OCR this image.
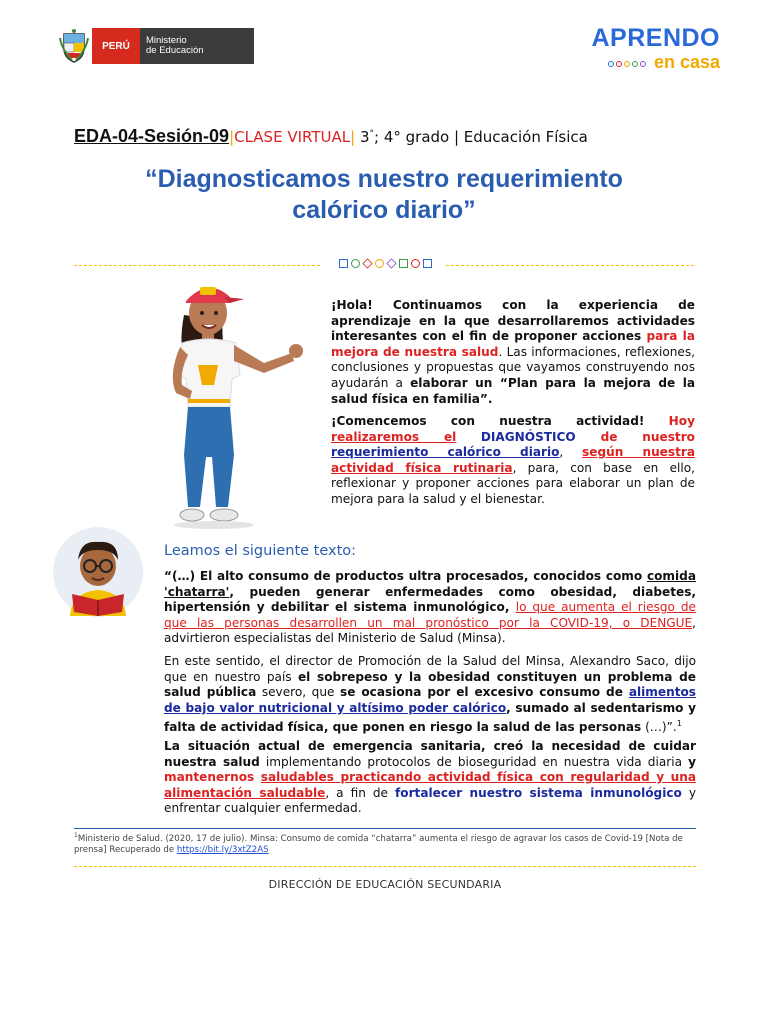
PERÚ Ministerio
de Educación	APRENDO
en casa
EDA-04-Sesión-09|CLASE VIRTUAL| 3°; 4° grado | Educación Física
“Diagnosticamos nuestro requerimiento
calórico diario”
¡Hola! Continuamos con la experiencia de aprendizaje en la que desarrollaremos actividades interesantes con el fin de proponer acciones para la mejora de nuestra salud. Las informaciones, reflexiones, conclusiones y propuestas que vayamos construyendo nos ayudarán a elaborar un “Plan para la mejora de la salud física en familia”.
¡Comencemos con nuestra actividad! Hoy realizaremos el DIAGNÓSTICO de nuestro requerimiento calórico diario, según nuestra actividad física rutinaria, para, con base en ello, reflexionar y proponer acciones para elaborar un plan de mejora para la salud y el bienestar.
Leamos el siguiente texto:
“(…) El alto consumo de productos ultra procesados, conocidos como comida 'chatarra', pueden generar enfermedades como obesidad, diabetes, hipertensión y debilitar el sistema inmunológico, lo que aumenta el riesgo de que las personas desarrollen un mal pronóstico por la COVID-19, o DENGUE, advirtieron especialistas del Ministerio de Salud (Minsa).
En este sentido, el director de Promoción de la Salud del Minsa, Alexandro Saco, dijo que en nuestro país el sobrepeso y la obesidad constituyen un problema de salud pública severo, que se ocasiona por el excesivo consumo de alimentos de bajo valor nutricional y altísimo poder calórico, sumado al sedentarismo y falta de actividad física, que ponen en riesgo la salud de las personas (…)”.$^1$
La situación actual de emergencia sanitaria, creó la necesidad de cuidar nuestra salud implementando protocolos de bioseguridad en nuestra vida diaria y mantenernos saludables practicando actividad física con regularidad y una alimentación saludable, a fin de fortalecer nuestro sistema inmunológico y enfrentar cualquier enfermedad.
$^1$Ministerio de Salud. (2020, 17 de julio). Minsa: Consumo de comida “chatarra” aumenta el riesgo de agravar los casos de Covid-19 [Nota de prensa] Recuperado de https://bit.ly/3xtZ2AS
DIRECCIÓN DE EDUCACIÓN SECUNDARIA
